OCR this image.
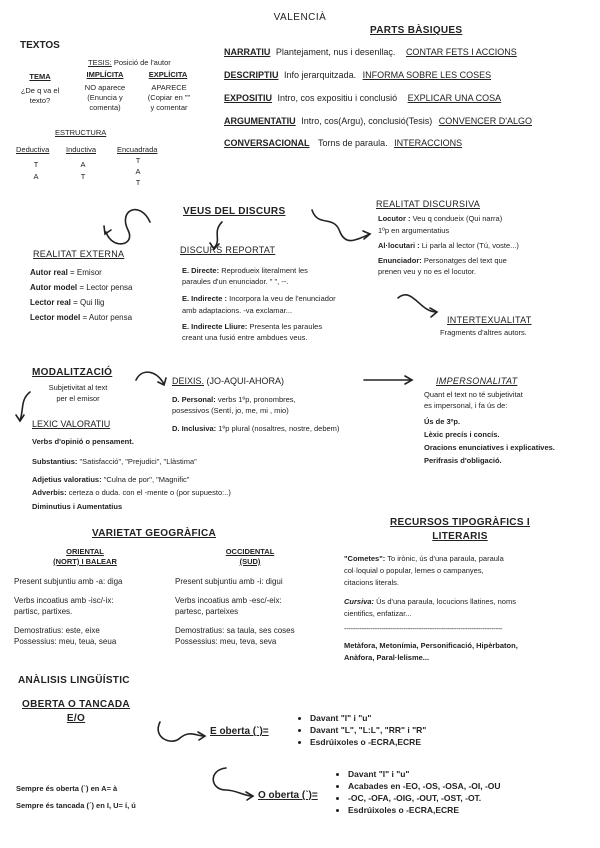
VALENCIÀ
PARTS BÀSIQUES
NARRATIU Plantejament, nus i desenllaç. CONTAR FETS I ACCIONS
DESCRIPTIU Info jerarquitzada. INFORMA SOBRE LES COSES
EXPOSITIU Intro, cos expositiu i conclusió EXPLICAR UNA COSA
ARGUMENTATIU Intro, cos(Argu), conclusió(Tesis) CONVENCER D'ALGO
CONVERSACIONAL Torns de paraula. INTERACCIONS
TEXTOS
TESIS: Posició de l'autor
TEMA
¿De q va el
texto?
IMPLÍCITA
NO aparece
(Enuncia y
comenta)
EXPLÍCITA
APARECE
(Copiar en ""
y comentar
ESTRUCTURA
Deductiva Inductiva	Encuadrada
T
A
A
T
T
A
T
VEUS DEL DISCURS
REALITAT EXTERNA
Autor real = Emisor
Autor model = Lector pensa
Lector real = Qui llig
Lector model = Autor pensa
DISCURS REPORTAT
E. Directe: Reprodueix literalment les
paraules d'un enunciador. " ", --.
E. Indirecte : Incorpora la veu de l'enunciador
amb adaptacions. -va exclamar...
E. Indirecte Lliure: Presenta les paraules
creant una fusió entre ambdues veus.
REALITAT DISCURSIVA
Locutor : Veu q condueix (Qui narra)
1ºp en argumentatius
Al·locutari : Li parla al lector (Tú, voste...)
Enunciador: Personatges del text que
prenen veu y no es el locutor.
INTERTEXUALITAT
Fragments d'altres autors.
MODALITZACIÓ
Subjetivitat al text
per el emisor
LEXIC VALORATIU
Verbs d'opinió o pensament.
Substantius: "Satisfacció", "Prejudici", "Llàstima"
Adjetius valoratius: "Culna de por", "Magnific"
Adverbis: certeza o duda. con el -mente o (por supuesto:..)
Diminutius i Aumentatius
DEIXIS. (JO-AQUI-AHORA)
D. Personal: verbs 1ºp, pronombres,
posessivos (Sentí, jo, me, mi , mio)
D. Inclusiva: 1ºp plural (nosaltres, nostre, debem)
IMPERSONALITAT
Quant el text no té subjetivitat
es impersonal, i fa ús de:
Ús de 3ºp.
Lèxic precís i concís.
Oracions enunciatives i explicatives.
Perifrasis d'obligació.
VARIETAT GEOGRÀFICA
ORIENTAL
(NORT) I BALEAR
OCCIDENTAL
(SUD)
Present subjuntiu amb -a: diga
Verbs incoatius amb -isc/-ix:
partisc, partixes.
Demostratius: este, eixe
Possessius: meu, teua, seua
Present subjuntiu amb -i: digui
Verbs incoatius amb -esc/-eix:
partesc, parteixes
Demostratius: sa taula, ses coses
Possessius: meu, teva, seva
RECURSOS TIPOGRÀFICS I
LITERARIS
"Cometes": To irònic, ús d'una paraula, paraula
col·loquial o popular, lemes o campanyes,
citacions literals.
Cursiva: Ús d'una paraula, locucions llatines, noms
cientifics, enfatizar...
------------------------------------------------------------------------
Metàfora, Metonímia, Personificació, Hipèrbaton,
Anàfora, Paral·lelisme...
ANÀLISIS LINGÜÍSTIC
OBERTA O TANCADA
E/O
E oberta (ˋ)=
• Davant "l" i "u"
• Davant "L", "L:L", "RR" i "R"
• Esdrúixoles o -ECRA,ECRE
O oberta (ˋ)=
• Davant "l" i "u"
• Acabades en -EO, -OS, -OSA, -OI, -OU
• -OC, -OFA, -OIG, -OUT, -OST, -OT.
• Esdrúixoles o -ECRA,ECRE
Sempre és oberta (ˋ) en A= à
Sempre és tancada (´) en I, U= í, ú
